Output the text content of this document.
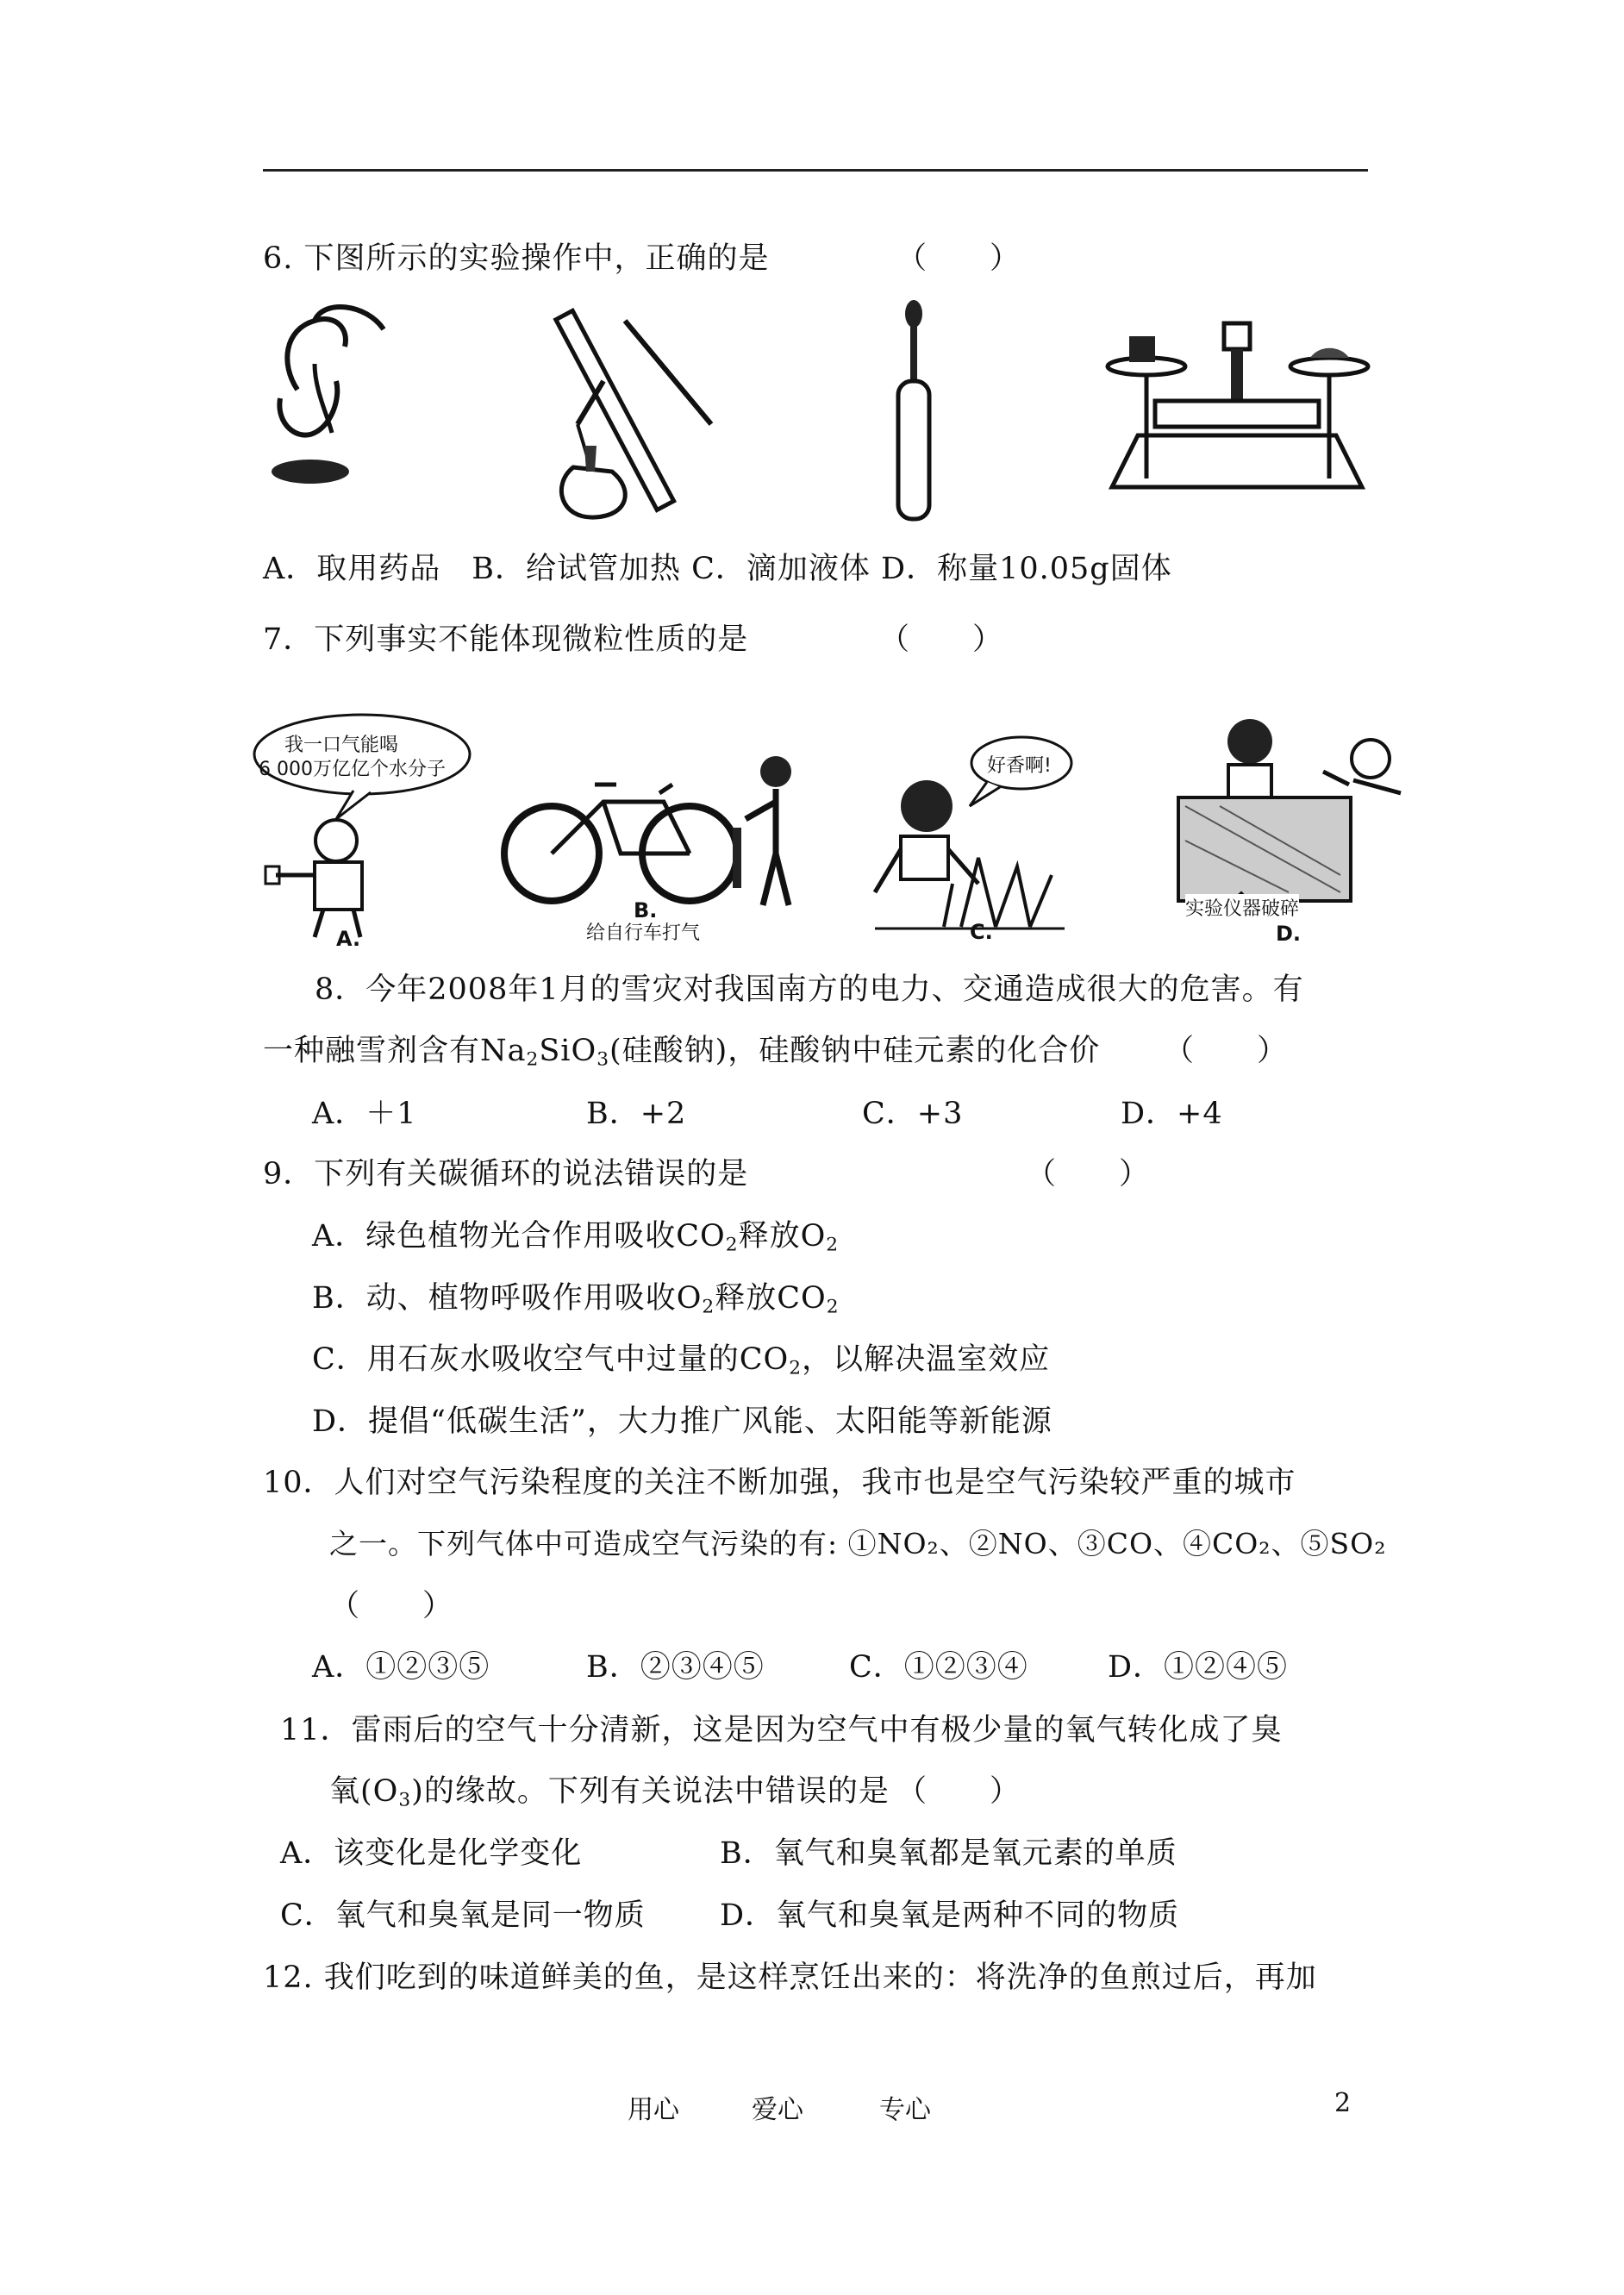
6. 下图所示的实验操作中，正确的是	（　　）
A．取用药品　B．给试管加热 C．滴加液体 D．称量10.05g固体
7．下列事实不能体现微粒性质的是	（　　）
我一口气能喝
6 000万亿亿个水分子
A.	给自行车打气
B.
好香啊!
C.
实验仪器破碎
D.
8．今年2008年1月的雪灾对我国南方的电力、交通造成很大的危害。有
一种融雪剂含有$Na_2SiO_3$(硅酸钠)，硅酸钠中硅元素的化合价 （　　）
A．＋1	B．+2	C．+3	D．+4
9．下列有关碳循环的说法错误的是	（　　）
A．绿色植物光合作用吸收$CO_2$释放$O_2$
B．动、植物呼吸作用吸收$O_2$释放$CO_2$
C．用石灰水吸收空气中过量的$CO_2$，以解决温室效应
D．提倡“低碳生活”，大力推广风能、太阳能等新能源
10．人们对空气污染程度的关注不断加强，我市也是空气污染较严重的城市
之一。下列气体中可造成空气污染的有: ①NO₂、②NO、③CO、④CO₂、⑤SO₂
（　　）
A．①②③⑤	B．②③④⑤	C．①②③④	D．①②④⑤
11．雷雨后的空气十分清新，这是因为空气中有极少量的氧气转化成了臭
氧$(O_3)$的缘故。下列有关说法中错误的是 （　　）
A．该变化是化学变化	B．氧气和臭氧都是氧元素的单质
C．氧气和臭氧是同一物质 D．氧气和臭氧是两种不同的物质
12. 我们吃到的味道鲜美的鱼，是这样烹饪出来的：将洗净的鱼煎过后，再加
用心	爱心	专心	2
